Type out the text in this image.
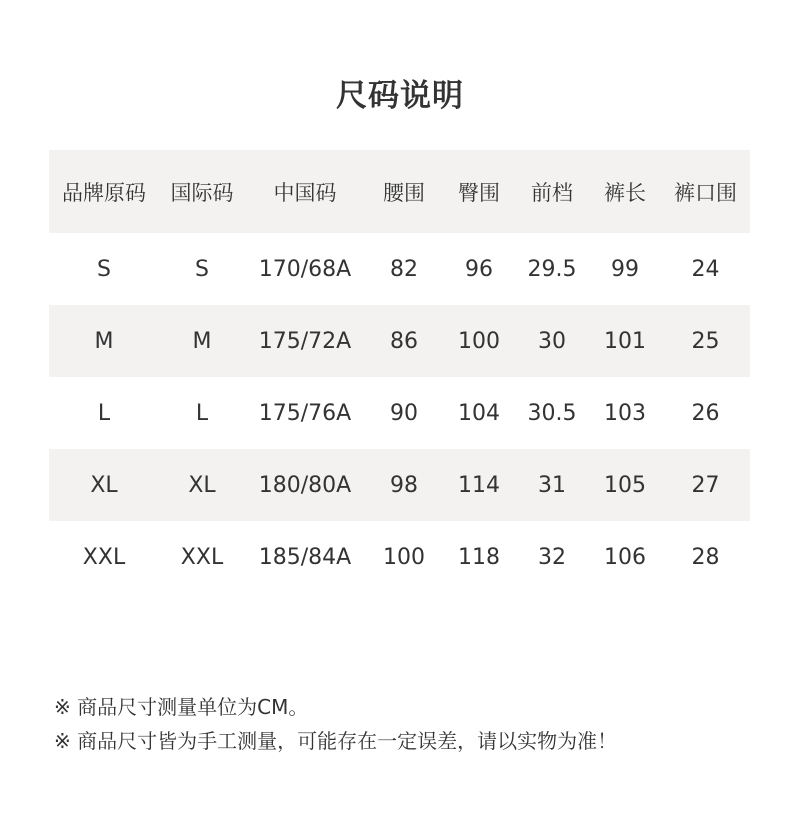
尺码说明
品牌原码	国际码	中国码	腰围	臀围	前档	裤长	裤口围
S	S	170/68A	82	96	29.5	99	24
M	M	175/72A	86	100	30	101	25
L	L	175/76A	90	104	30.5	103	26
XL	XL	180/80A	98	114	31	105	27
XXL	XXL	185/84A	100	118	32	106	28
※ 商品尺寸测量单位为CM。
※ 商品尺寸皆为手工测量，可能存在一定误差，请以实物为准！
